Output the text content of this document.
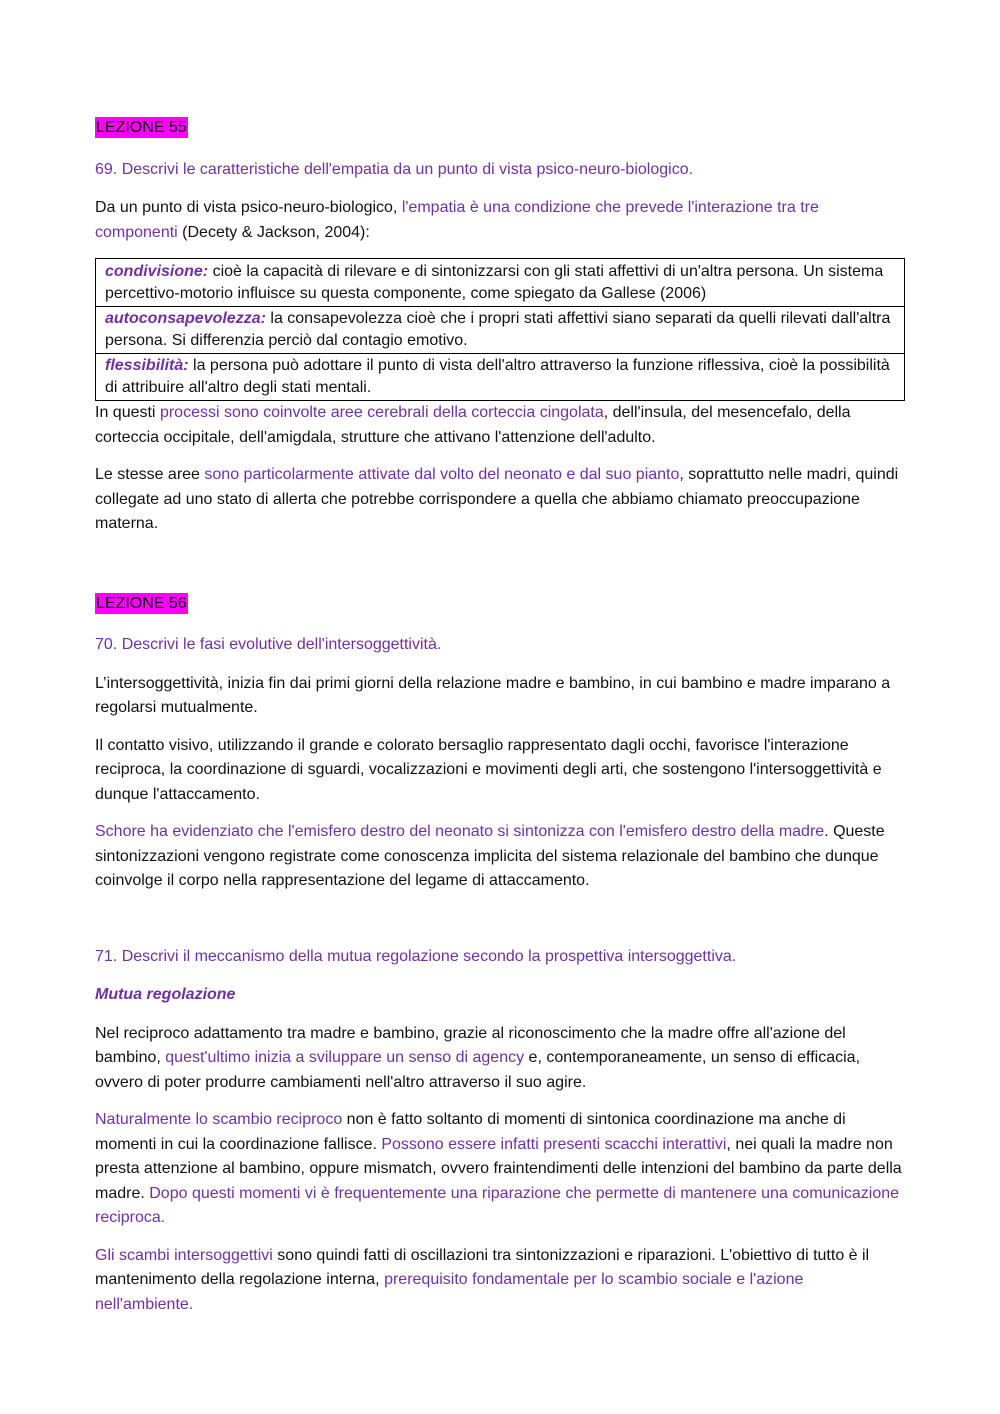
LEZIONE 55

69. Descrivi le caratteristiche dell'empatia da un punto di vista psico-neuro-biologico.

Da un punto di vista psico-neuro-biologico, l'empatia è una condizione che prevede l'interazione tra tre componenti (Decety & Jackson, 2004):

condivisione: cioè la capacità di rilevare e di sintonizzarsi con gli stati affettivi di un'altra persona. Un sistema percettivo-motorio influisce su questa componente, come spiegato da Gallese (2006)
autoconsapevolezza: la consapevolezza cioè che i propri stati affettivi siano separati da quelli rilevati dall'altra persona. Si differenzia perciò dal contagio emotivo.
flessibilità: la persona può adottare il punto di vista dell'altro attraverso la funzione riflessiva, cioè la possibilità di attribuire all'altro degli stati mentali.

In questi processi sono coinvolte aree cerebrali della corteccia cingolata, dell'insula, del mesencefalo, della corteccia occipitale, dell'amigdala, strutture che attivano l'attenzione dell'adulto.

Le stesse aree sono particolarmente attivate dal volto del neonato e dal suo pianto, soprattutto nelle madri, quindi collegate ad uno stato di allerta che potrebbe corrispondere a quella che abbiamo chiamato preoccupazione materna.

LEZIONE 56

70. Descrivi le fasi evolutive dell'intersoggettività.

L’intersoggettività, inizia fin dai primi giorni della relazione madre e bambino, in cui bambino e madre imparano a regolarsi mutualmente.

Il contatto visivo, utilizzando il grande e colorato bersaglio rappresentato dagli occhi, favorisce l'interazione reciproca, la coordinazione di sguardi, vocalizzazioni e movimenti degli arti, che sostengono l'intersoggettività e dunque l'attaccamento.

Schore ha evidenziato che l'emisfero destro del neonato si sintonizza con l'emisfero destro della madre. Queste sintonizzazioni vengono registrate come conoscenza implicita del sistema relazionale del bambino che dunque coinvolge il corpo nella rappresentazione del legame di attaccamento.

71. Descrivi il meccanismo della mutua regolazione secondo la prospettiva intersoggettiva.

Mutua regolazione

Nel reciproco adattamento tra madre e bambino, grazie al riconoscimento che la madre offre all'azione del bambino, quest'ultimo inizia a sviluppare un senso di agency e, contemporaneamente, un senso di efficacia, ovvero di poter produrre cambiamenti nell'altro attraverso il suo agire.

Naturalmente lo scambio reciproco non è fatto soltanto di momenti di sintonica coordinazione ma anche di momenti in cui la coordinazione fallisce. Possono essere infatti presenti scacchi interattivi, nei quali la madre non presta attenzione al bambino, oppure mismatch, ovvero fraintendimenti delle intenzioni del bambino da parte della madre. Dopo questi momenti vi è frequentemente una riparazione che permette di mantenere una comunicazione reciproca.

Gli scambi intersoggettivi sono quindi fatti di oscillazioni tra sintonizzazioni e riparazioni. L'obiettivo di tutto è il mantenimento della regolazione interna, prerequisito fondamentale per lo scambio sociale e l'azione nell'ambiente.
